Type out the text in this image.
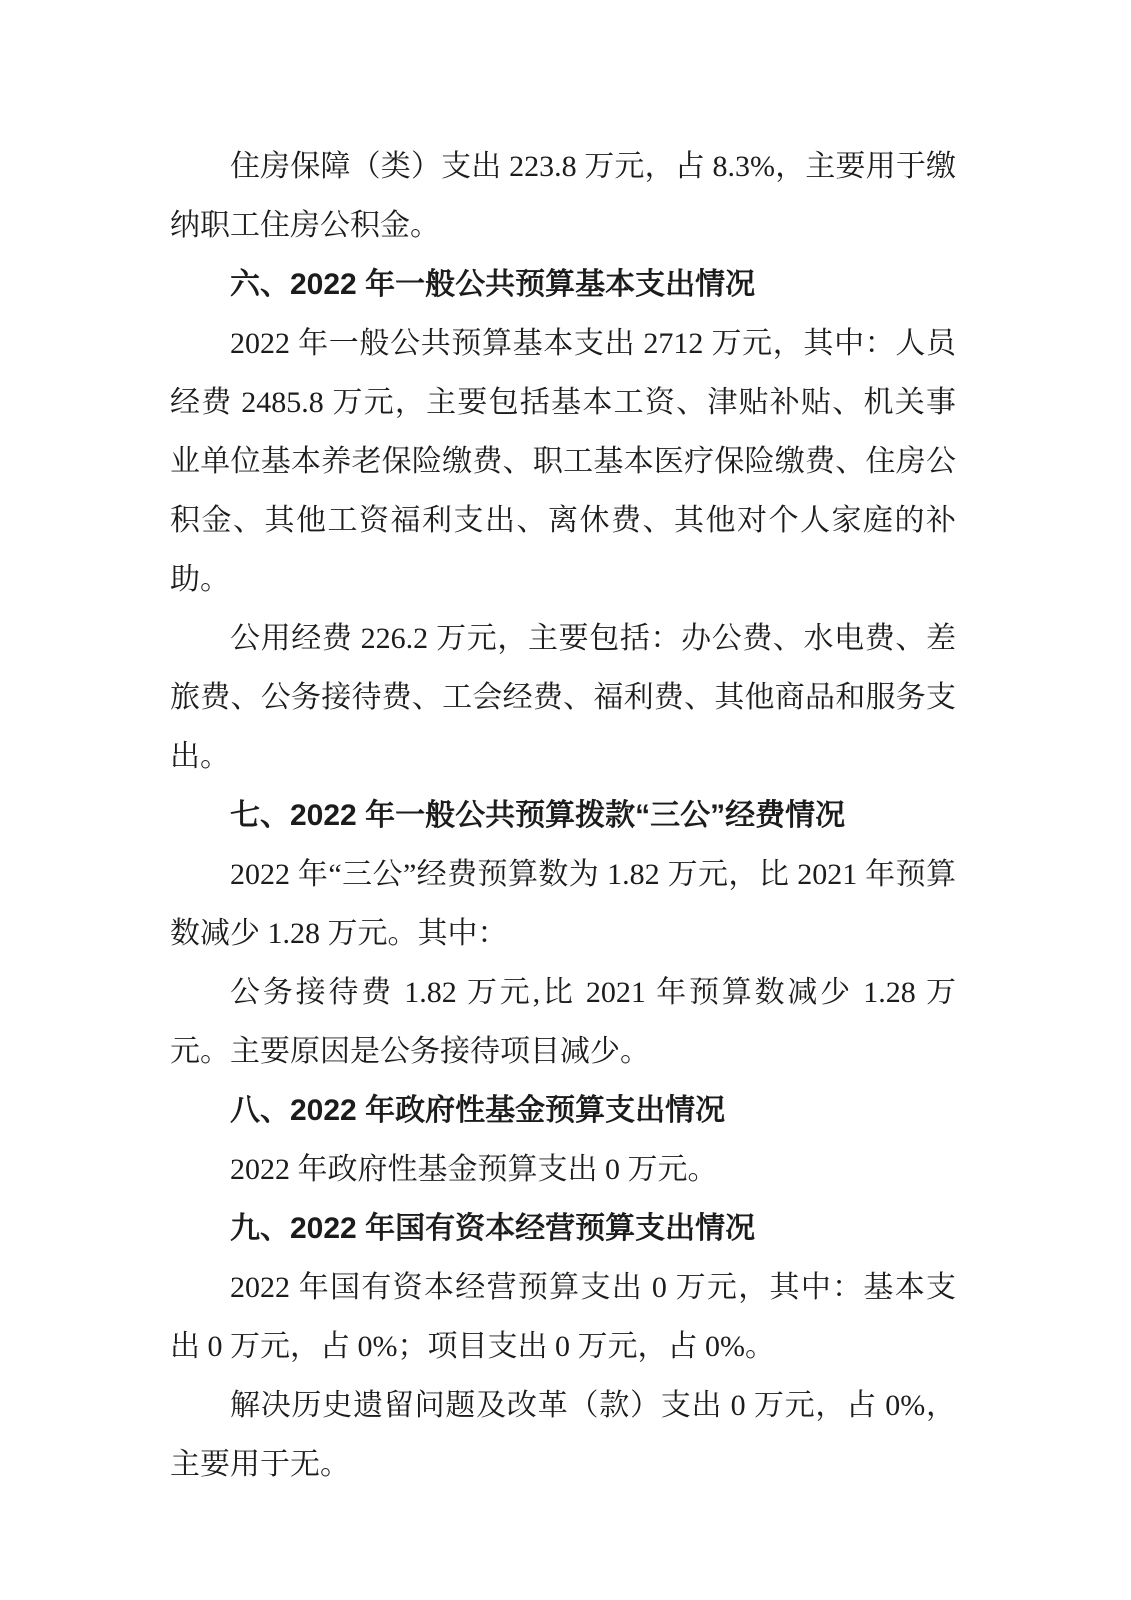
住房保障（类）支出 223.8 万元，占 8.3%，主要用于缴纳职工住房公积金。

六、2022 年一般公共预算基本支出情况

2022 年一般公共预算基本支出 2712 万元，其中：人员经费 2485.8 万元，主要包括基本工资、津贴补贴、机关事业单位基本养老保险缴费、职工基本医疗保险缴费、住房公积金、其他工资福利支出、离休费、其他对个人家庭的补助。

公用经费 226.2 万元，主要包括：办公费、水电费、差旅费、公务接待费、工会经费、福利费、其他商品和服务支出。

七、2022 年一般公共预算拨款“三公”经费情况

2022 年“三公”经费预算数为 1.82 万元，比 2021 年预算数减少 1.28 万元。其中：

公务接待费 1.82 万元,比 2021 年预算数减少 1.28 万元。主要原因是公务接待项目减少。

八、2022 年政府性基金预算支出情况

2022 年政府性基金预算支出 0 万元。

九、2022 年国有资本经营预算支出情况

2022 年国有资本经营预算支出 0 万元，其中：基本支出 0 万元，占 0%；项目支出 0 万元，占 0%。

解决历史遗留问题及改革（款）支出 0 万元，占 0%，主要用于无。
